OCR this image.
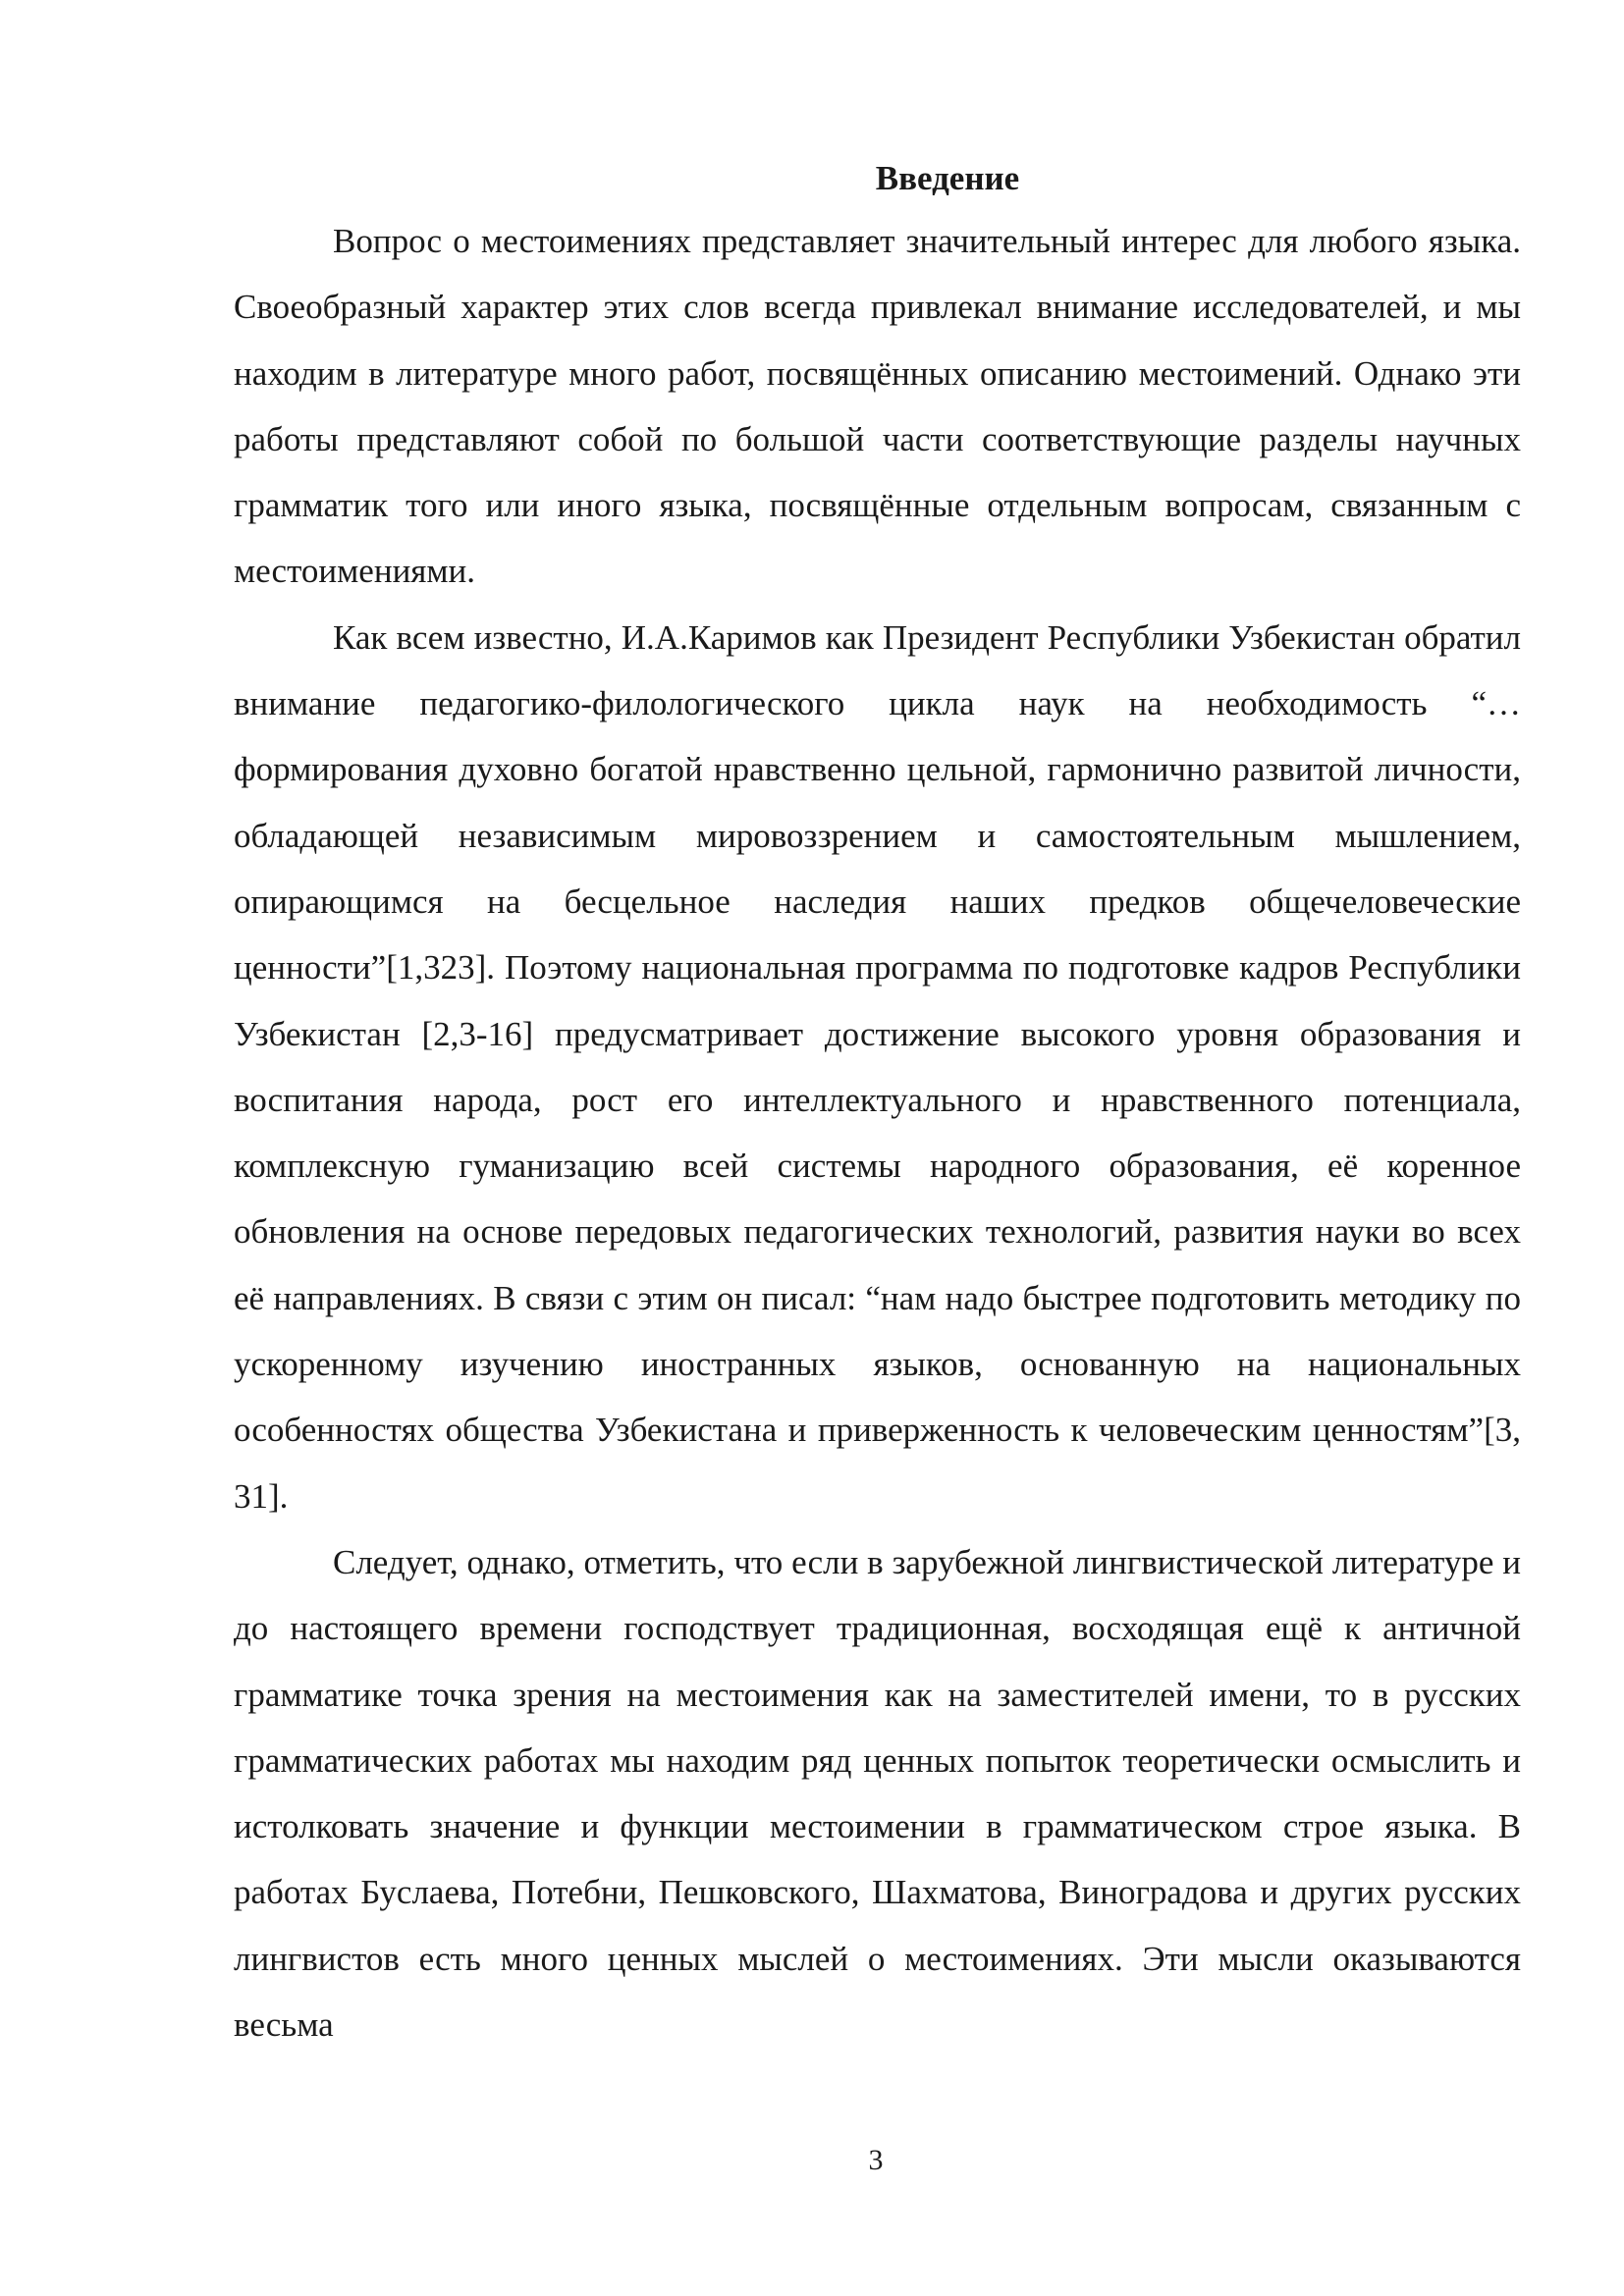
Введение

Вопрос о местоимениях представляет значительный интерес для любого языка. Своеобразный характер этих слов всегда привлекал внимание исследователей, и мы находим в литературе много работ, посвящённых описанию местоимений. Однако эти работы представляют собой по большой части соответствующие разделы научных грамматик того или иного языка, посвящённые отдельным вопросам, связанным с местоимениями.

Как всем известно, И.А.Каримов как Президент Республики Узбекистан обратил внимание педагогико-филологического цикла наук на необходимость “…формирования духовно богатой нравственно цельной, гармонично развитой личности, обладающей независимым мировоззрением и самостоятельным мышлением, опирающимся на бесцельное наследия наших предков общечеловеческие ценности”[1,323]. Поэтому национальная программа по подготовке кадров Республики Узбекистан [2,3-16] предусматривает достижение высокого уровня образования и воспитания народа, рост его интеллектуального и нравственного потенциала, комплексную гуманизацию всей системы народного образования, её коренное обновления на основе передовых педагогических технологий, развития науки во всех её направлениях. В связи с этим он писал: “нам надо быстрее подготовить методику по ускоренному изучению иностранных языков, основанную на национальных особенностях общества Узбекистана и приверженность к человеческим ценностям”[3, 31].

Следует, однако, отметить, что если в зарубежной лингвистической литературе и до настоящего времени господствует традиционная, восходящая ещё к античной грамматике точка зрения на местоимения как на заместителей имени, то в русских грамматических работах мы находим ряд ценных попыток теоретически осмыслить и истолковать значение и функции местоимении в грамматическом строе языка. В работах Буслаева, Потебни, Пешковского, Шахматова, Виноградова и других русских лингвистов есть много ценных мыслей о местоимениях. Эти мысли оказываются весьма

3
